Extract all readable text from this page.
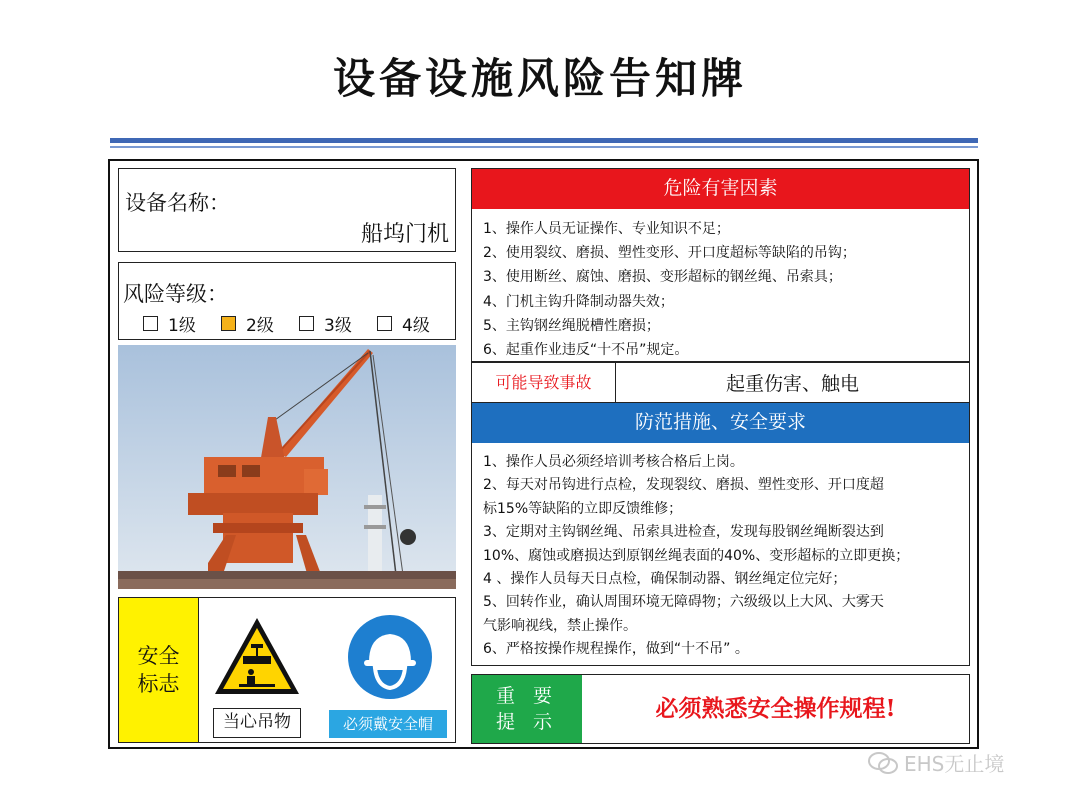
设备设施风险告知牌
设备名称：
船坞门机
风险等级：
1级	2级	3级	4级
安全
标志
当心吊物	必须戴安全帽
危险有害因素
1、操作人员无证操作、专业知识不足；
2、使用裂纹、磨损、塑性变形、开口度超标等缺陷的吊钩；
3、使用断丝、腐蚀、磨损、变形超标的钢丝绳、吊索具；
4、门机主钩升降制动器失效；
5、主钩钢丝绳脱槽性磨损；
6、起重作业违反“十不吊”规定。
可能导致事故	起重伤害、触电
防范措施、安全要求
1、操作人员必须经培训考核合格后上岗。
2、每天对吊钩进行点检，发现裂纹、磨损、塑性变形、开口度超
标15%等缺陷的立即反馈维修；
3、定期对主钩钢丝绳、吊索具进检查，发现每股钢丝绳断裂达到
10%、腐蚀或磨损达到原钢丝绳表面的40%、变形超标的立即更换；
4 、操作人员每天日点检，确保制动器、钢丝绳定位完好；
5、回转作业，确认周围环境无障碍物；六级级以上大风、大雾天
气影响视线，禁止操作。
6、严格按操作规程操作，做到“十不吊” 。
重 要
提 示	必须熟悉安全操作规程!
EHS无止境
